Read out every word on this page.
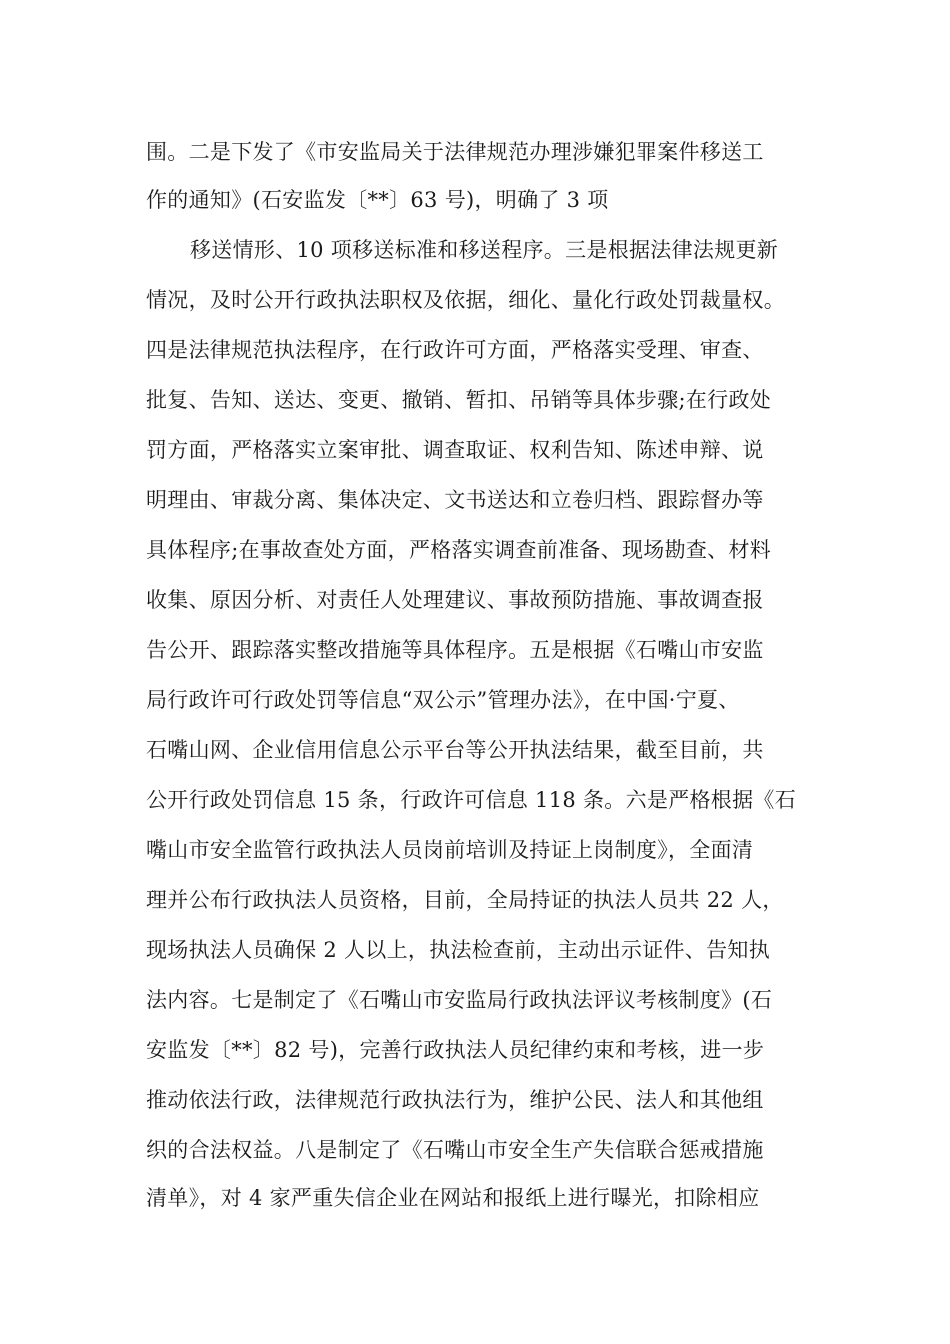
围。二是下发了《市安监局关于法律规范办理涉嫌犯罪案件移送工
作的通知》(石安监发〔**〕63 号)，明确了 3 项
移送情形、10 项移送标准和移送程序。三是根据法律法规更新
情况，及时公开行政执法职权及依据，细化、量化行政处罚裁量权。
四是法律规范执法程序，在行政许可方面，严格落实受理、审查、
批复、告知、送达、变更、撤销、暂扣、吊销等具体步骤;在行政处
罚方面，严格落实立案审批、调查取证、权利告知、陈述申辩、说
明理由、审裁分离、集体决定、文书送达和立卷归档、跟踪督办等
具体程序;在事故查处方面，严格落实调查前准备、现场勘查、材料
收集、原因分析、对责任人处理建议、事故预防措施、事故调查报
告公开、跟踪落实整改措施等具体程序。五是根据《石嘴山市安监
局行政许可行政处罚等信息“双公示”管理办法》，在中国·宁夏、
石嘴山网、企业信用信息公示平台等公开执法结果，截至目前，共
公开行政处罚信息 15 条，行政许可信息 118 条。六是严格根据《石
嘴山市安全监管行政执法人员岗前培训及持证上岗制度》，全面清
理并公布行政执法人员资格，目前，全局持证的执法人员共 22 人，
现场执法人员确保 2 人以上，执法检查前，主动出示证件、告知执
法内容。七是制定了《石嘴山市安监局行政执法评议考核制度》(石
安监发〔**〕82 号)，完善行政执法人员纪律约束和考核，进一步
推动依法行政，法律规范行政执法行为，维护公民、法人和其他组
织的合法权益。八是制定了《石嘴山市安全生产失信联合惩戒措施
清单》，对 4 家严重失信企业在网站和报纸上进行曝光，扣除相应
